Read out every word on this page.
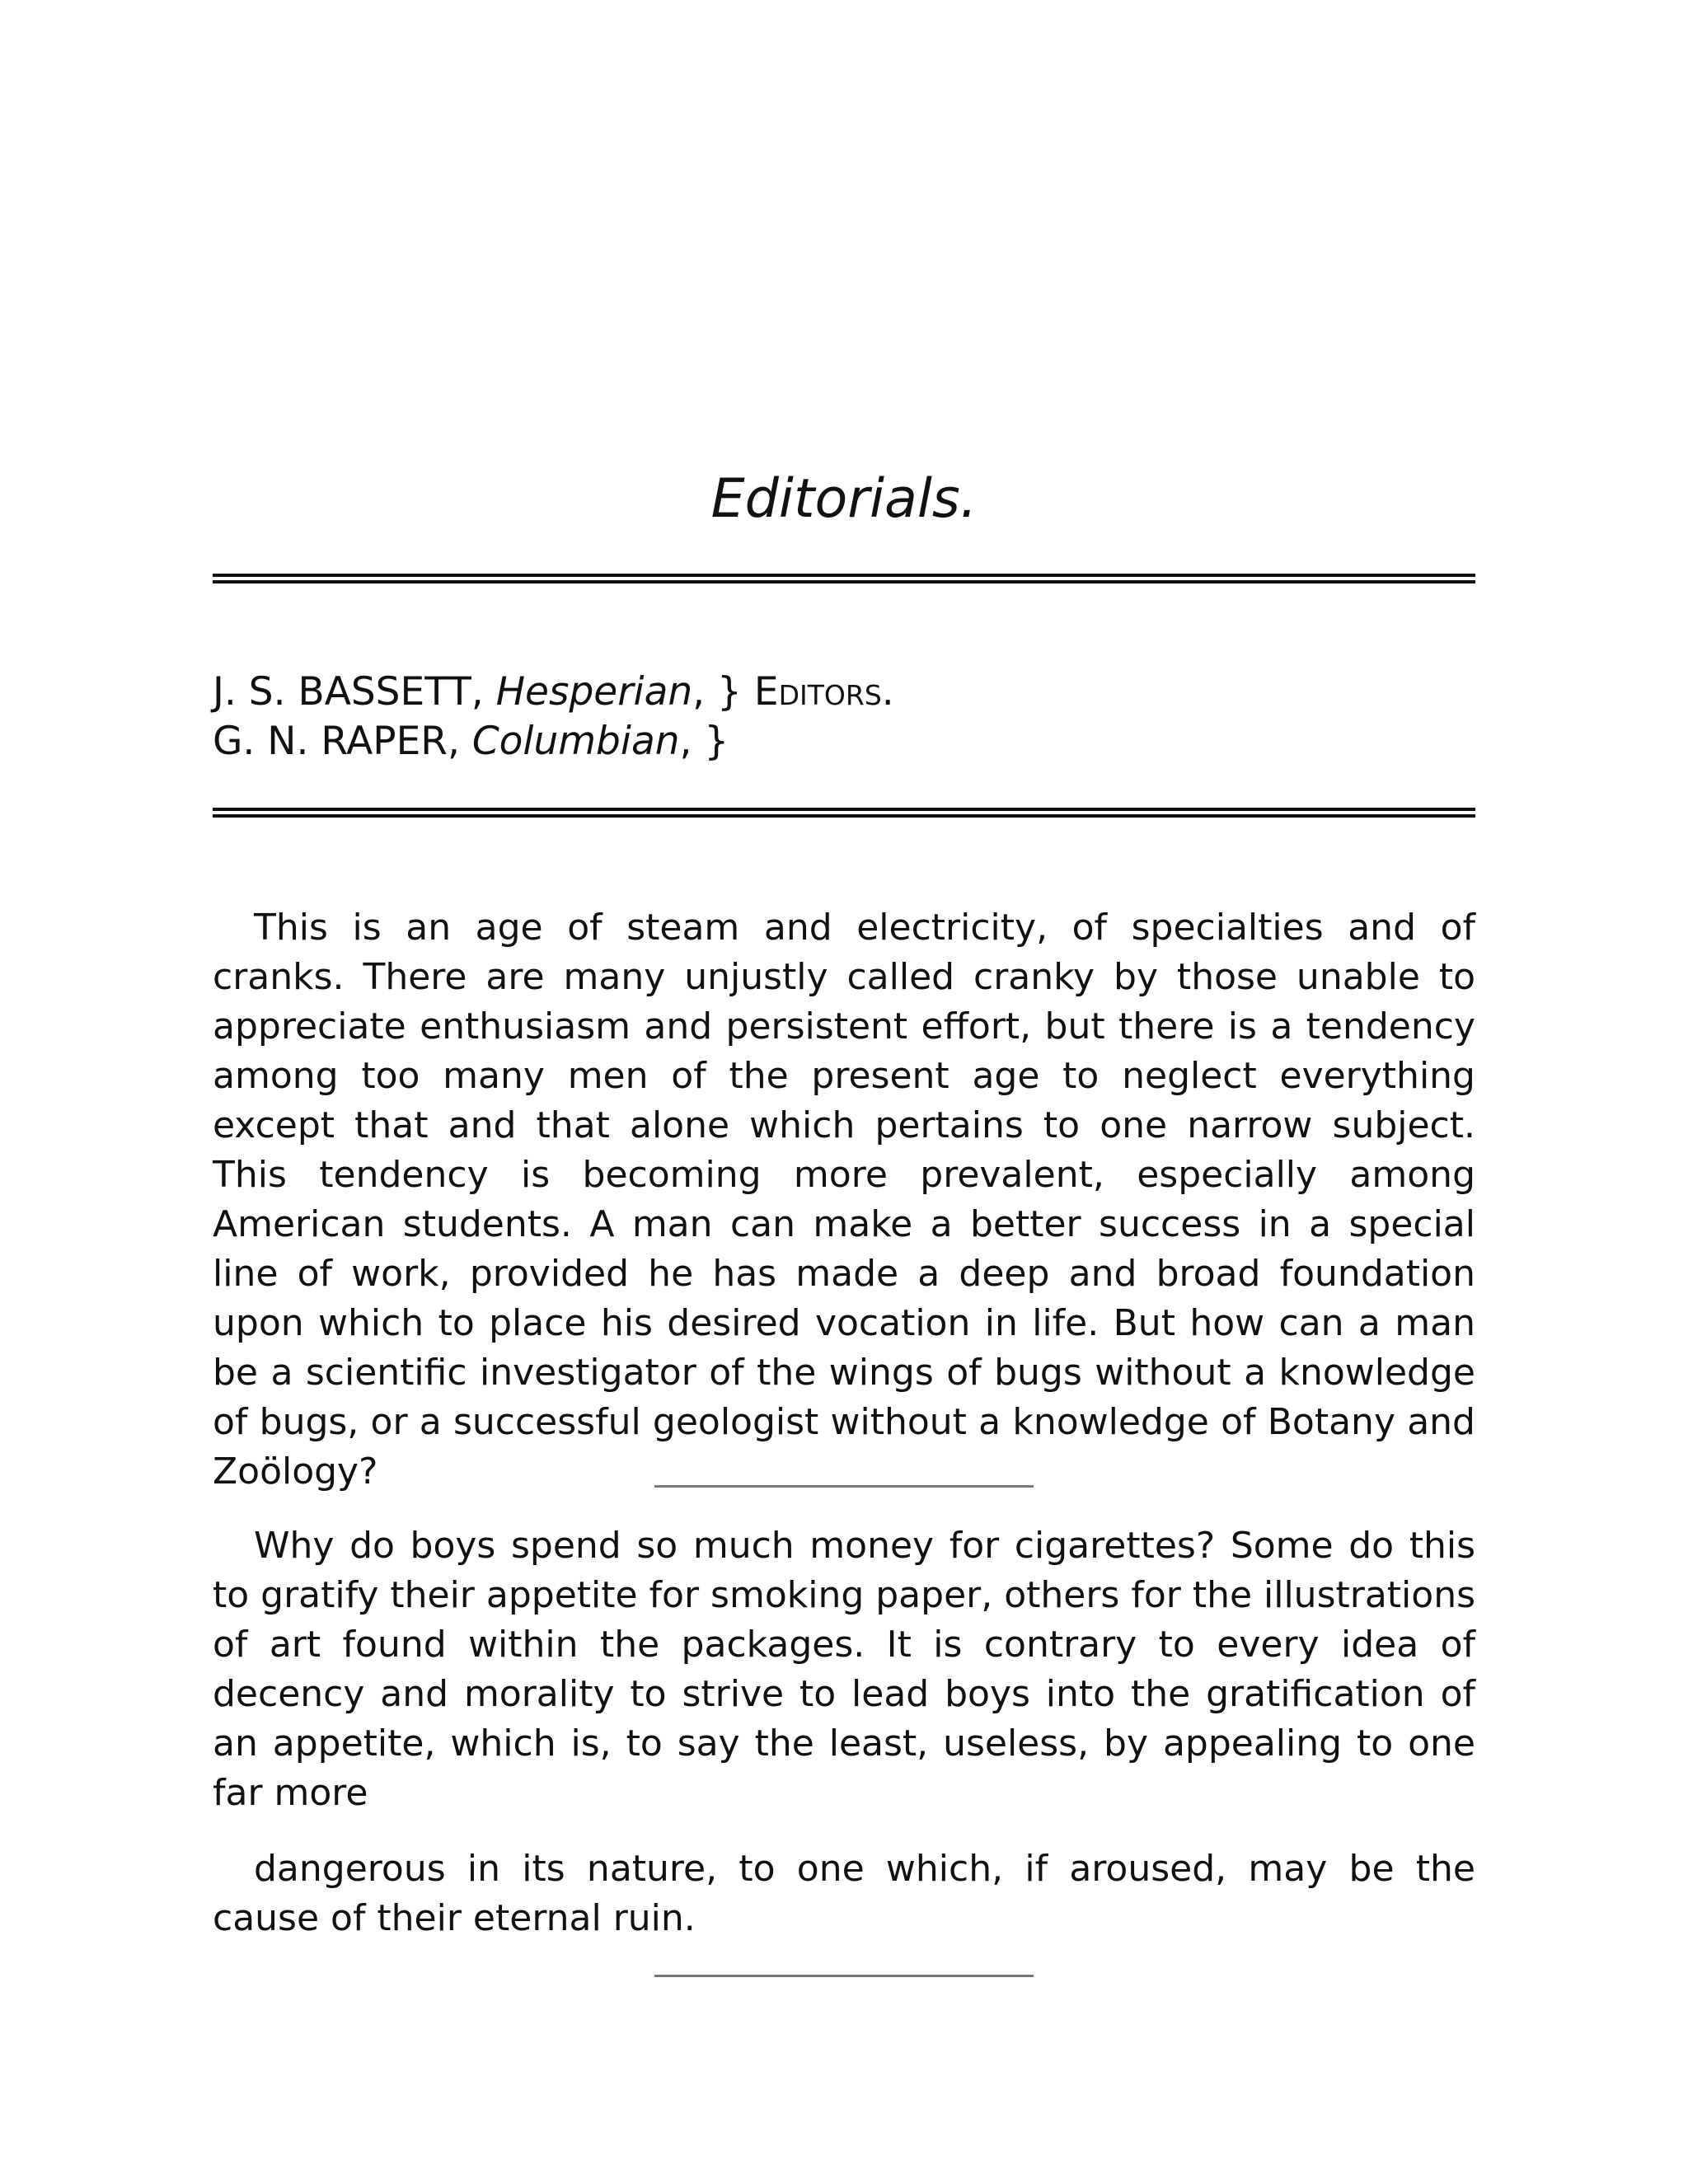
Editorials.
J. S. BASSETT, Hesperian, } Editors.
G. N. RAPER, Columbian, }

This is an age of steam and electricity, of specialties and of cranks. There are many unjustly called cranky by those unable to appreciate enthusiasm and persistent effort, but there is a tendency among too many men of the present age to neglect everything except that and that alone which pertains to one narrow subject. This tendency is becoming more prevalent, especially among American students. A man can make a better success in a special line of work, provided he has made a deep and broad foundation upon which to place his desired vocation in life. But how can a man be a scientific investigator of the wings of bugs without a knowledge of bugs, or a successful geologist without a knowledge of Botany and Zoölogy?

Why do boys spend so much money for cigarettes? Some do this to gratify their appetite for smoking paper, others for the illustrations of art found within the packages. It is contrary to every idea of decency and morality to strive to lead boys into the gratification of an appetite, which is, to say the least, useless, by appealing to one far more

dangerous in its nature, to one which, if aroused, may be the cause of their eternal ruin.
